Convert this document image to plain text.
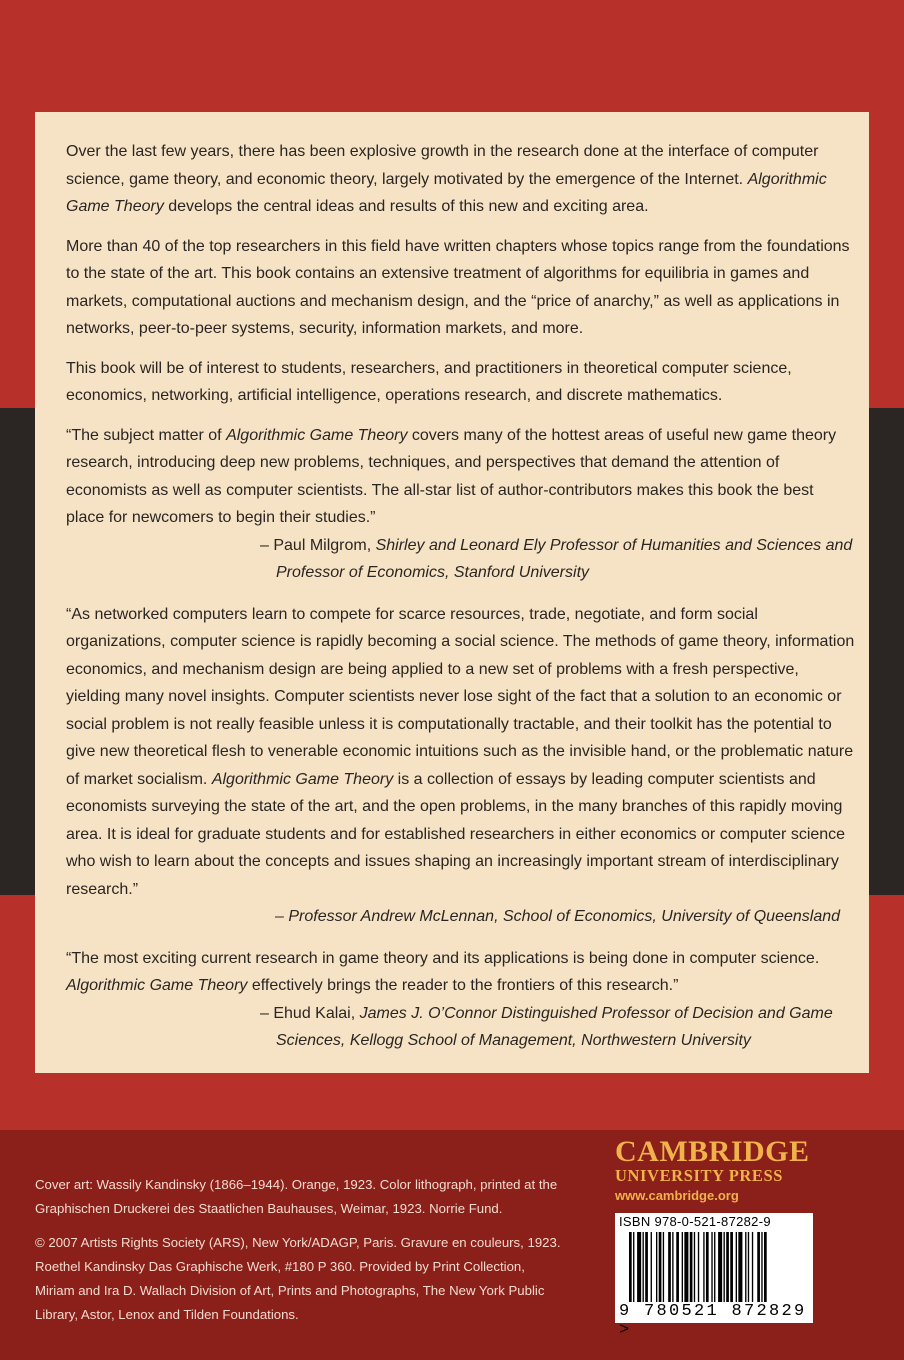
Over the last few years, there has been explosive growth in the research done at the interface of computer science, game theory, and economic theory, largely motivated by the emergence of the Internet. Algorithmic Game Theory develops the central ideas and results of this new and exciting area.

More than 40 of the top researchers in this field have written chapters whose topics range from the foundations to the state of the art. This book contains an extensive treatment of algorithms for equilibria in games and markets, computational auctions and mechanism design, and the “price of anarchy,” as well as applications in networks, peer-to-peer systems, security, information markets, and more.

This book will be of interest to students, researchers, and practitioners in theoretical computer science, economics, networking, artificial intelligence, operations research, and discrete mathematics.

“The subject matter of Algorithmic Game Theory covers many of the hottest areas of useful new game theory research, introducing deep new problems, techniques, and perspectives that demand the attention of economists as well as computer scientists. The all-star list of author-contributors makes this book the best place for newcomers to begin their studies.”

– Paul Milgrom, Shirley and Leonard Ely Professor of Humanities and Sciences and Professor of Economics, Stanford University

“As networked computers learn to compete for scarce resources, trade, negotiate, and form social organizations, computer science is rapidly becoming a social science. The methods of game theory, information economics, and mechanism design are being applied to a new set of problems with a fresh perspective, yielding many novel insights. Computer scientists never lose sight of the fact that a solution to an economic or social problem is not really feasible unless it is computationally tractable, and their toolkit has the potential to give new theoretical flesh to venerable economic intuitions such as the invisible hand, or the problematic nature of market socialism. Algorithmic Game Theory is a collection of essays by leading computer scientists and economists surveying the state of the art, and the open problems, in the many branches of this rapidly moving area. It is ideal for graduate students and for established researchers in either economics or computer science who wish to learn about the concepts and issues shaping an increasingly important stream of interdisciplinary research.”

– Professor Andrew McLennan, School of Economics, University of Queensland

“The most exciting current research in game theory and its applications is being done in computer science. Algorithmic Game Theory effectively brings the reader to the frontiers of this research.”

– Ehud Kalai, James J. O’Connor Distinguished Professor of Decision and Game Sciences, Kellogg School of Management, Northwestern University

Cover art: Wassily Kandinsky (1866–1944). Orange, 1923. Color lithograph, printed at the Graphischen Druckerei des Staatlichen Bauhauses, Weimar, 1923. Norrie Fund.

© 2007 Artists Rights Society (ARS), New York/ADAGP, Paris. Gravure en couleurs, 1923. Roethel Kandinsky Das Graphische Werk, #180 P 360. Provided by Print Collection, Miriam and Ira D. Wallach Division of Art, Prints and Photographs, The New York Public Library, Astor, Lenox and Tilden Foundations.

CAMBRIDGE
UNIVERSITY PRESS
www.cambridge.org
ISBN 978-0-521-87282-9
9 780521 872829 >
